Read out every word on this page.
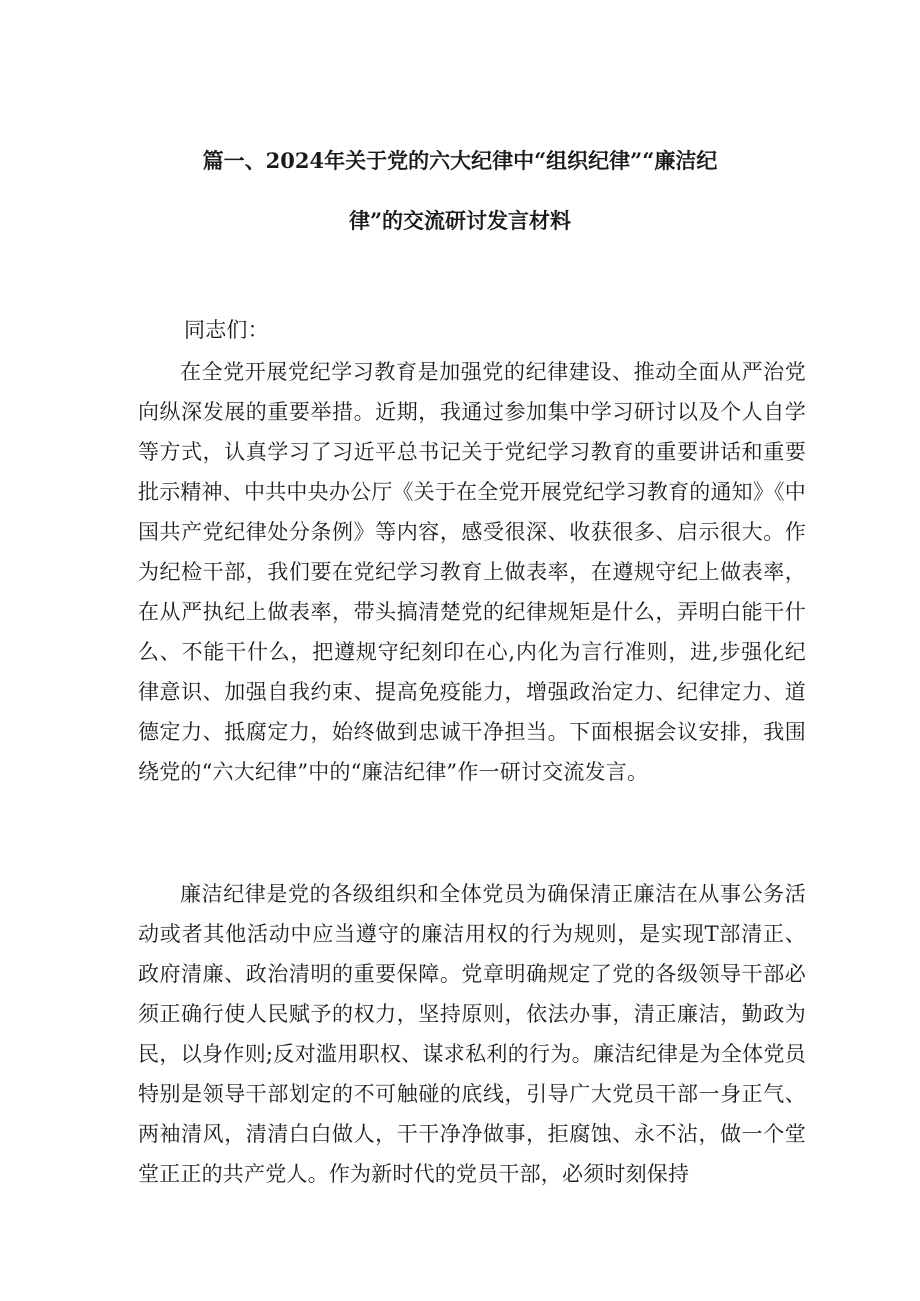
篇一、2024年关于党的六大纪律中“组织纪律”“廉洁纪
律”的交流研讨发言材料
同志们：
在全党开展党纪学习教育是加强党的纪律建设、推动全面从严治党向纵深发展的重要举措。近期，我通过参加集中学习研讨以及个人自学等方式，认真学习了习近平总书记关于党纪学习教育的重要讲话和重要批示精神、中共中央办公厅《关于在全党开展党纪学习教育的通知》《中国共产党纪律处分条例》等内容，感受很深、收获很多、启示很大。作为纪检干部，我们要在党纪学习教育上做表率，在遵规守纪上做表率，在从严执纪上做表率，带头搞清楚党的纪律规矩是什么，弄明白能干什么、不能干什么，把遵规守纪刻印在心,内化为言行准则，进,步强化纪律意识、加强自我约束、提高免疫能力，增强政治定力、纪律定力、道德定力、抵腐定力，始终做到忠诚干净担当。下面根据会议安排，我围绕党的“六大纪律”中的“廉洁纪律”作一研讨交流发言。
廉洁纪律是党的各级组织和全体党员为确保清正廉洁在从事公务活动或者其他活动中应当遵守的廉洁用权的行为规则，是实现T部清正、政府清廉、政治清明的重要保障。党章明确规定了党的各级领导干部必须正确行使人民赋予的权力，坚持原则，依法办事，清正廉洁，勤政为民，以身作则;反对滥用职权、谋求私利的行为。廉洁纪律是为全体党员特别是领导干部划定的不可触碰的底线，引导广大党员干部一身正气、两袖清风，清清白白做人，干干净净做事，拒腐蚀、永不沾，做一个堂堂正正的共产党人。作为新时代的党员干部，必须时刻保持
